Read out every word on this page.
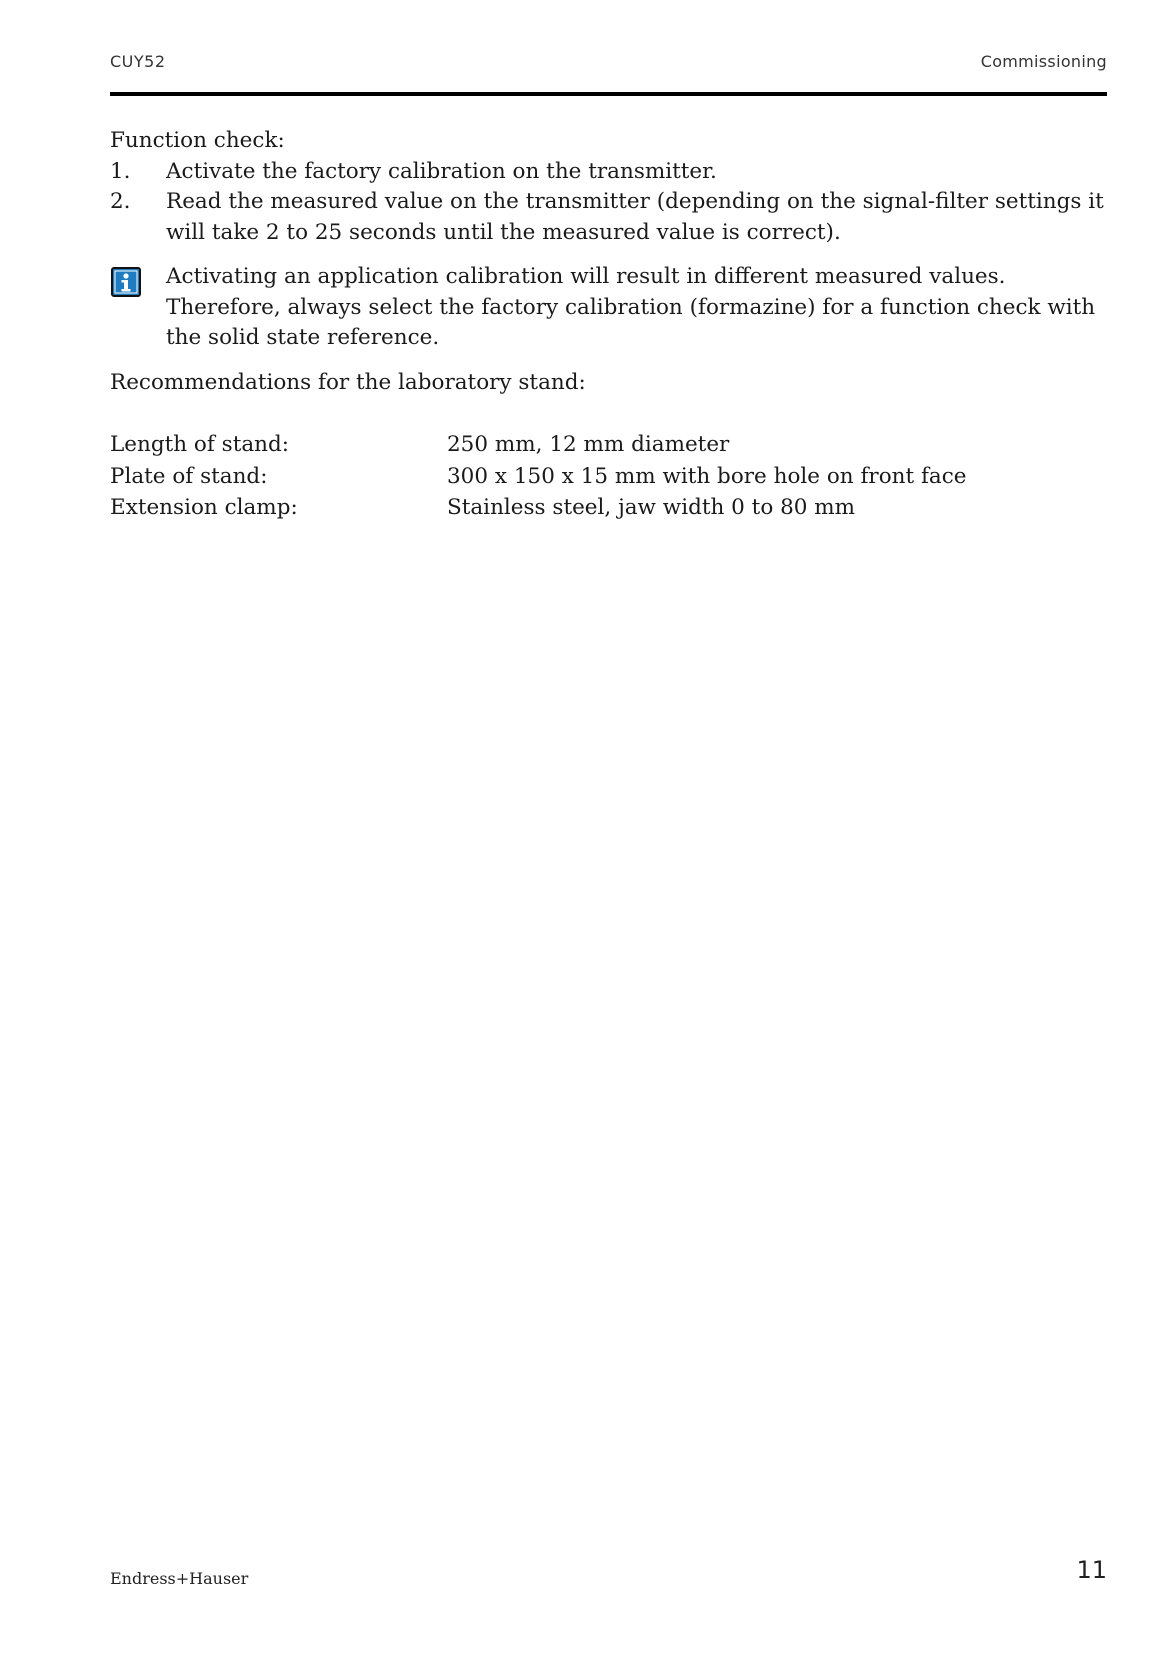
CUY52	Commissioning

Function check:

1. Activate the factory calibration on the transmitter.
2. Read the measured value on the transmitter (depending on the signal-filter settings it will take 2 to 25 seconds until the measured value is correct).
Activating an application calibration will result in different measured values. Therefore, always select the factory calibration (formazine) for a function check with the solid state reference.

Recommendations for the laboratory stand:

Length of stand:	250 mm, 12 mm diameter
Plate of stand:	300 x 150 x 15 mm with bore hole on front face
Extension clamp:	Stainless steel, jaw width 0 to 80 mm
Endress+Hauser	11
